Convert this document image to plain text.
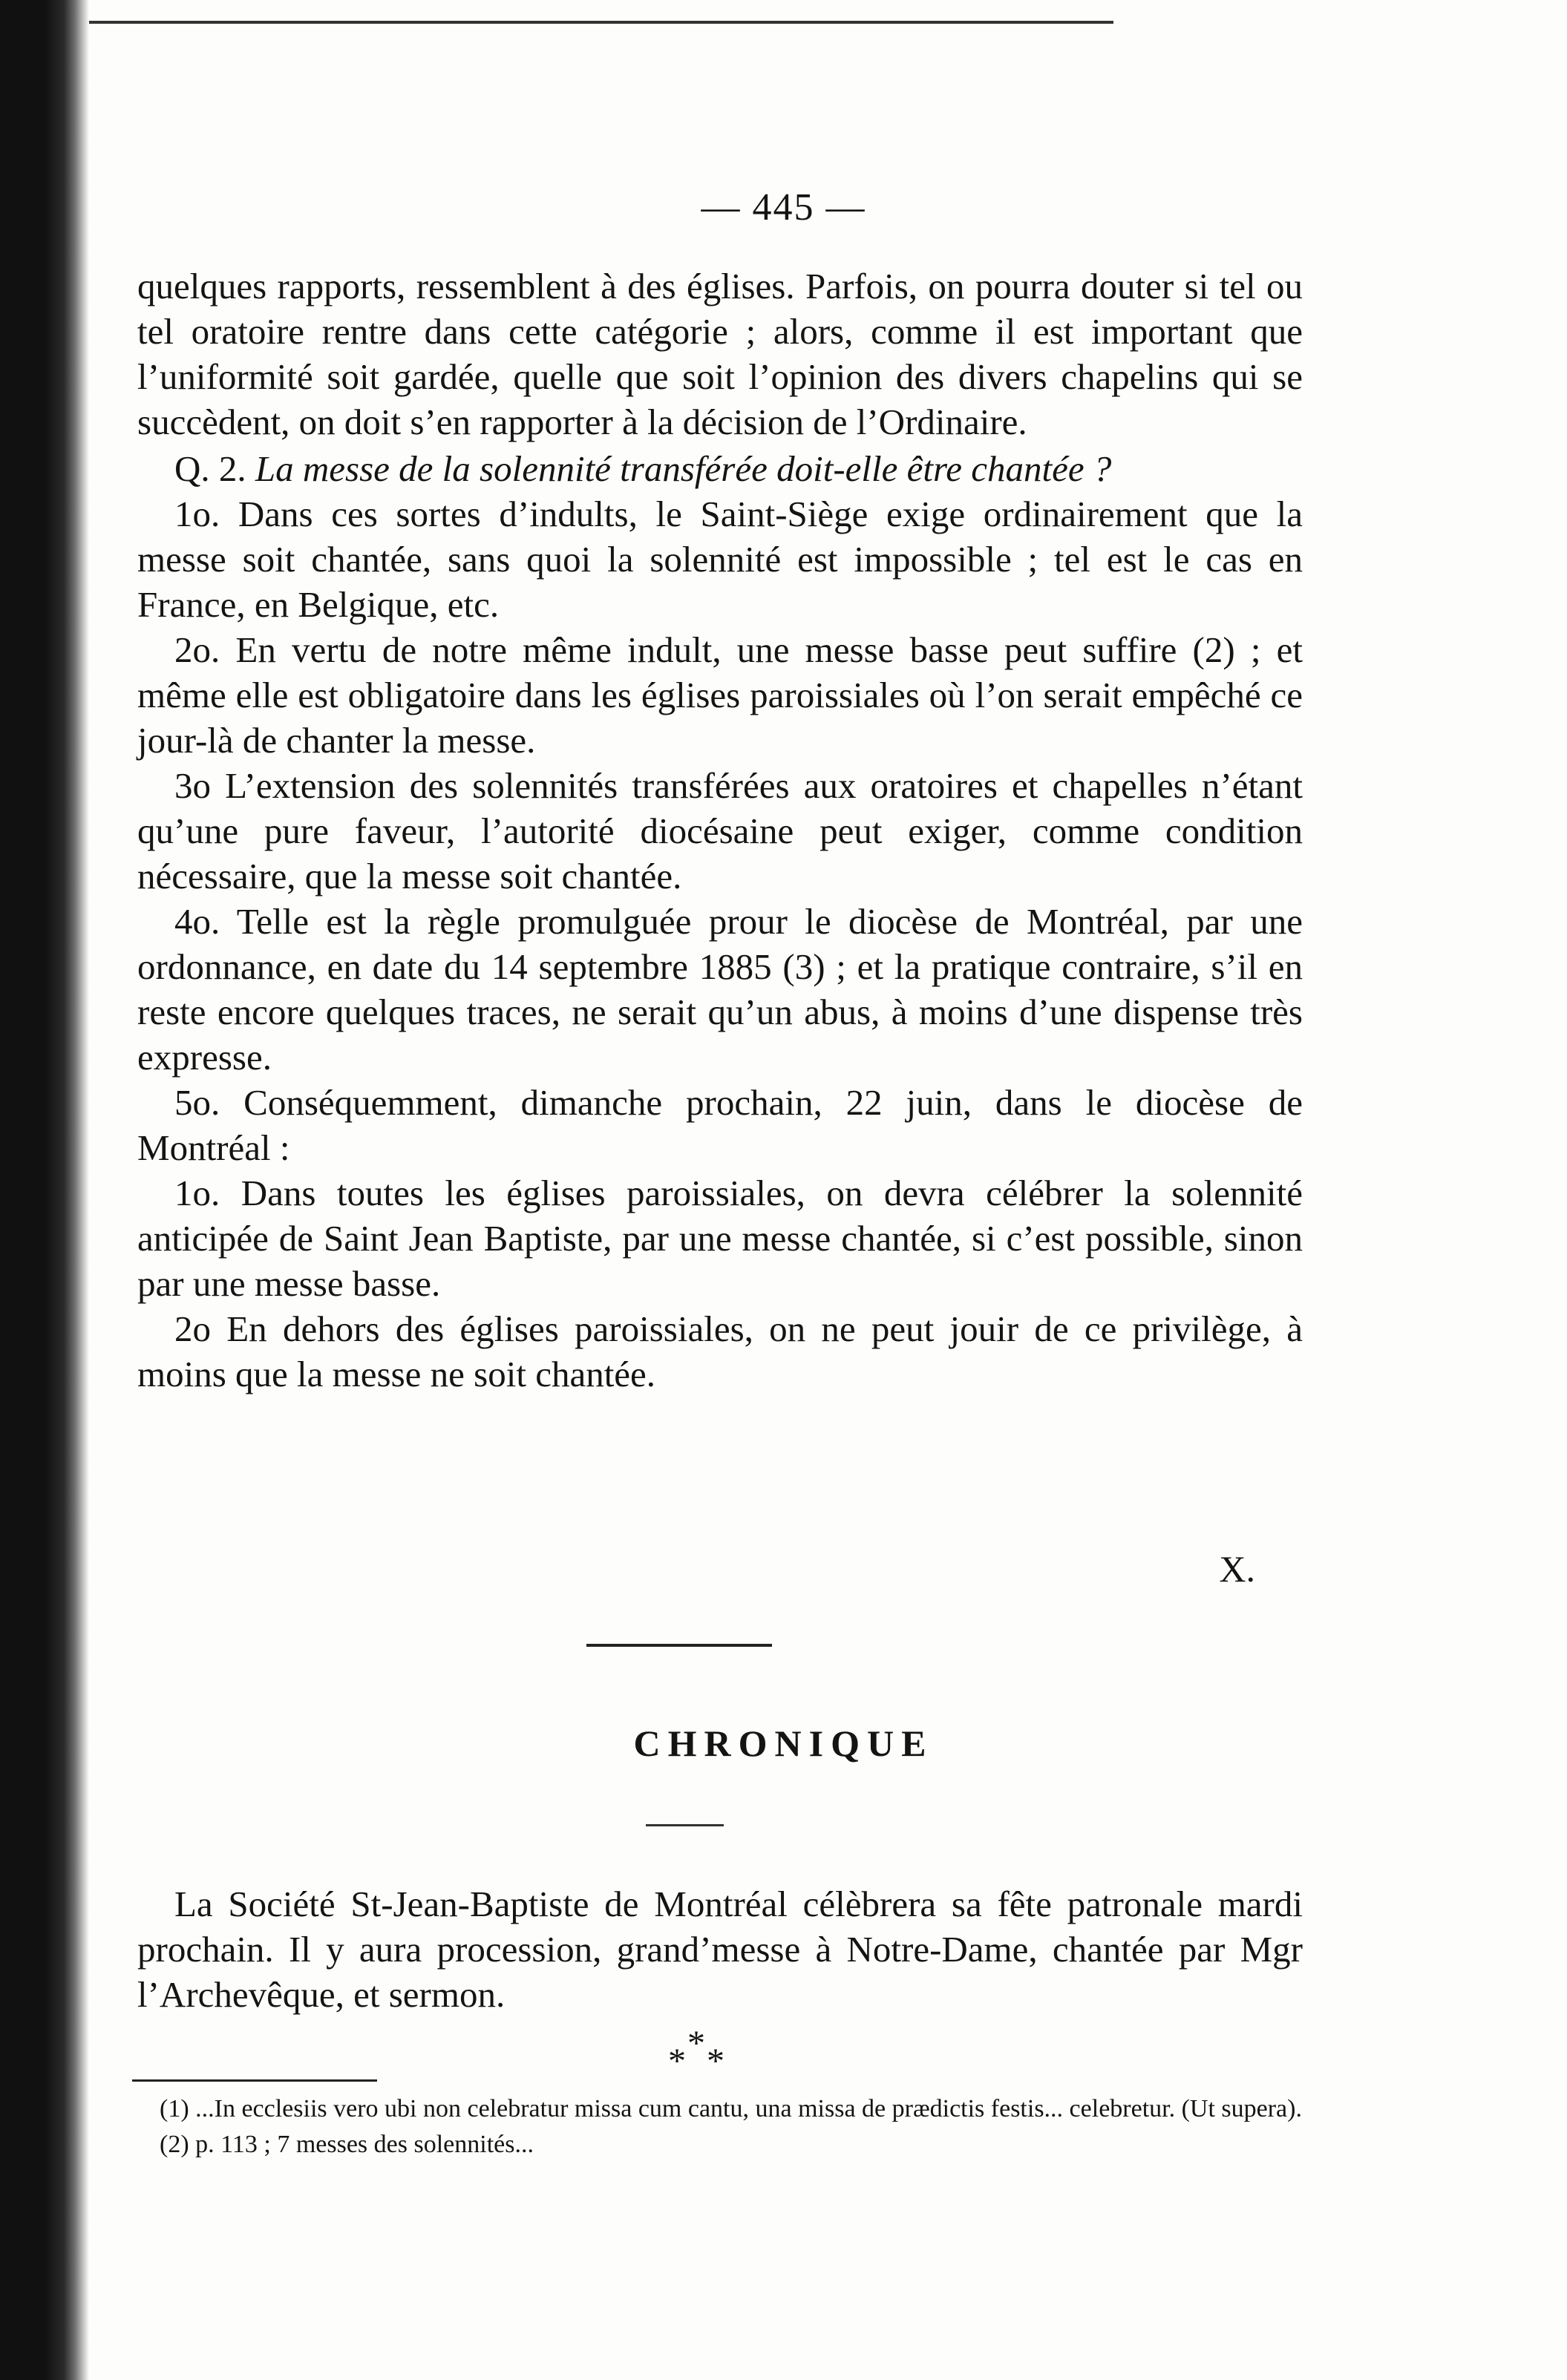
— 445 —

quelques rapports, ressemblent à des églises. Parfois, on pourra douter si tel ou tel oratoire rentre dans cette catégorie ; alors, comme il est important que l’uniformité soit gardée, quelle que soit l’opinion des divers chapelins qui se succèdent, on doit s’en rapporter à la décision de l’Ordinaire.

Q. 2. La messe de la solennité transférée doit-elle être chantée ?

1o. Dans ces sortes d’indults, le Saint-Siège exige ordinairement que la messe soit chantée, sans quoi la solennité est impossible ; tel est le cas en France, en Belgique, etc.

2o. En vertu de notre même indult, une messe basse peut suffire (2) ; et même elle est obligatoire dans les églises paroissiales où l’on serait empêché ce jour-là de chanter la messe.

3o L’extension des solennités transférées aux oratoires et chapelles n’étant qu’une pure faveur, l’autorité diocésaine peut exiger, comme condition nécessaire, que la messe soit chantée.

4o. Telle est la règle promulguée prour le diocèse de Montréal, par une ordonnance, en date du 14 septembre 1885 (3) ; et la pratique contraire, s’il en reste encore quelques traces, ne serait qu’un abus, à moins d’une dispense très expresse.

5o. Conséquemment, dimanche prochain, 22 juin, dans le diocèse de Montréal :

1o. Dans toutes les églises paroissiales, on devra célébrer la solennité anticipée de Saint Jean Baptiste, par une messe chantée, si c’est possible, sinon par une messe basse.

2o En dehors des églises paroissiales, on ne peut jouir de ce privilège, à moins que la messe ne soit chantée.

X.
CHRONIQUE

La Société St-Jean-Baptiste de Montréal célèbrera sa fête patronale mardi prochain. Il y aura procession, grand’messe à Notre-Dame, chantée par Mgr l’Archevêque, et sermon.

*
* *

(1) ...In ecclesiis vero ubi non celebratur missa cum cantu, una missa de prædictis festis... celebretur. (Ut supera).

(2) p. 113 ; 7 messes des solennités...
